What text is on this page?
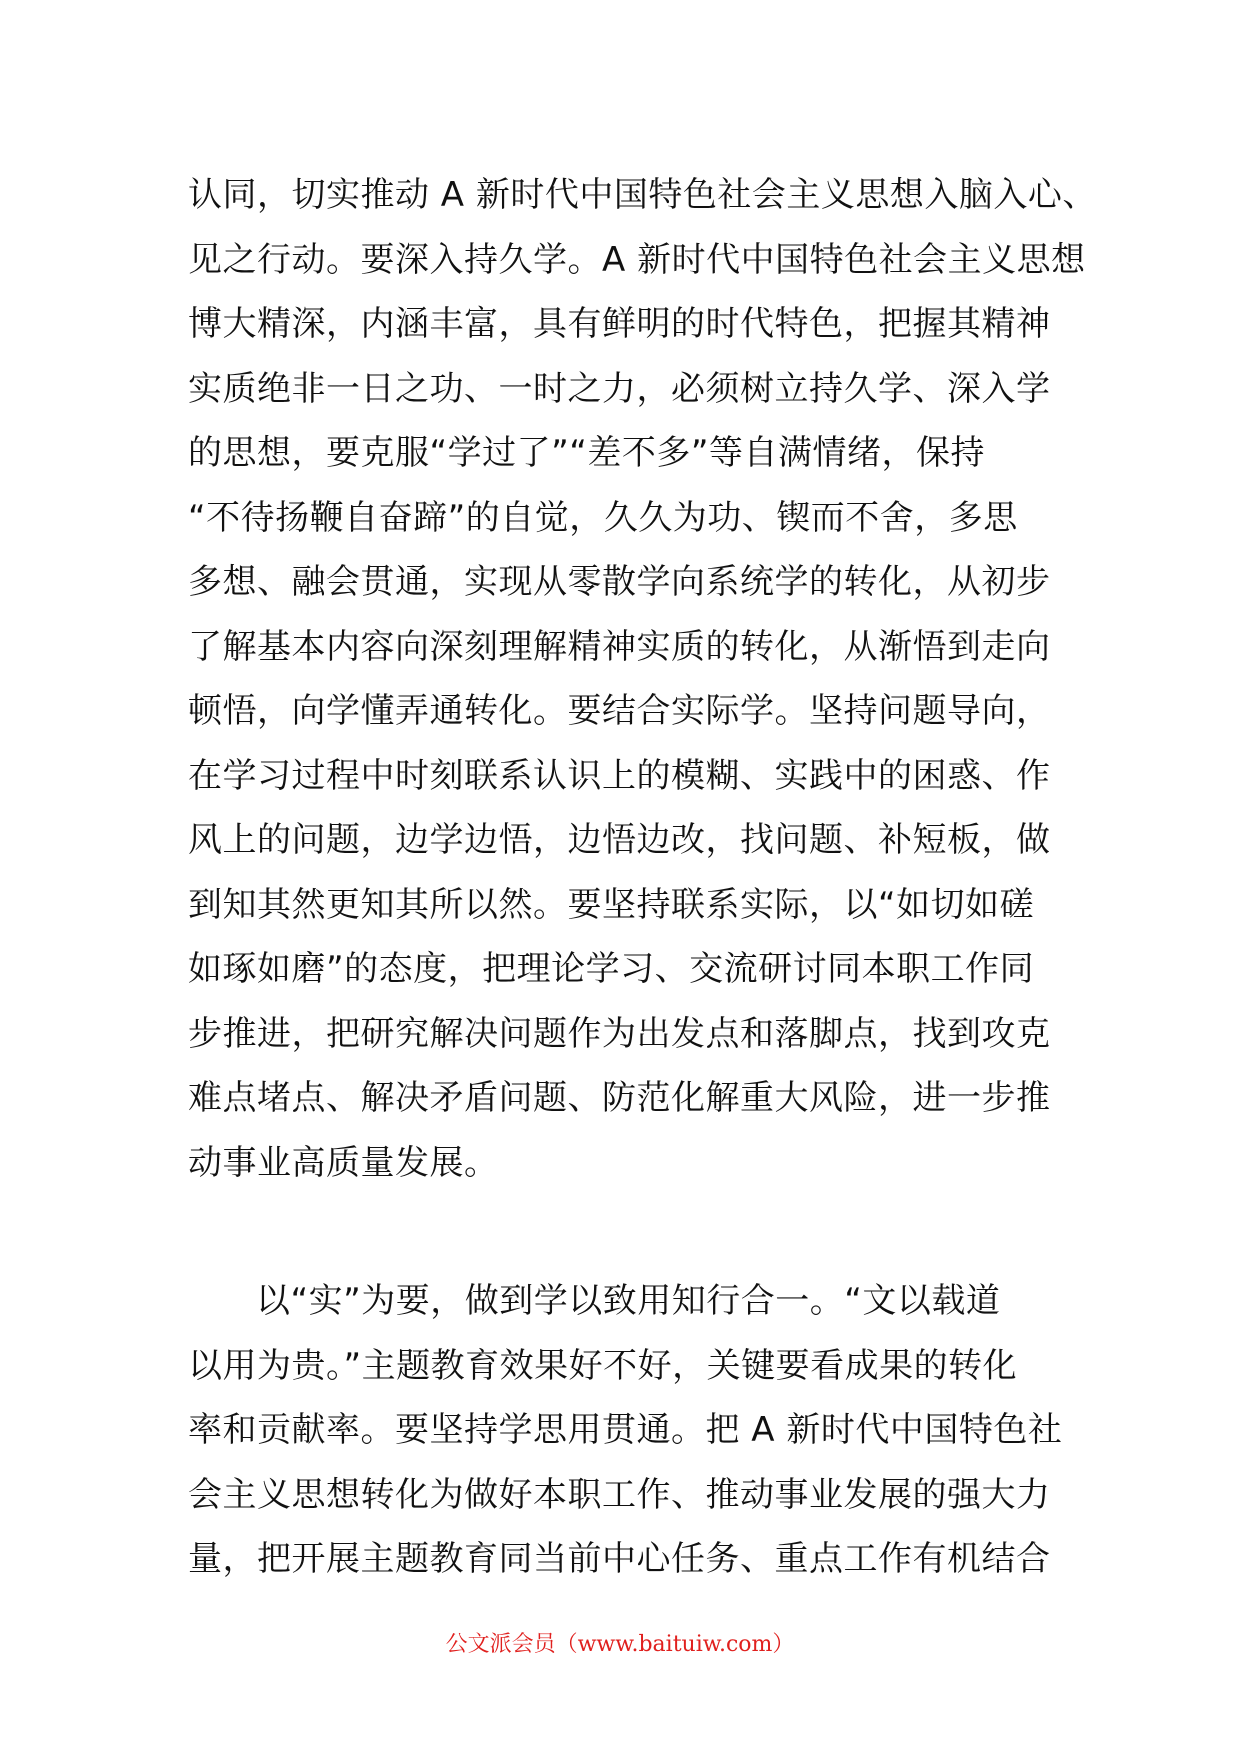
认同，切实推动 A 新时代中国特色社会主义思想入脑入心、
见之行动。要深入持久学。A 新时代中国特色社会主义思想
博大精深，内涵丰富，具有鲜明的时代特色，把握其精神
实质绝非一日之功、一时之力，必须树立持久学、深入学
的思想，要克服“学过了”“差不多”等自满情绪，保持
“不待扬鞭自奋蹄”的自觉，久久为功、锲而不舍，多思
多想、融会贯通，实现从零散学向系统学的转化，从初步
了解基本内容向深刻理解精神实质的转化，从渐悟到走向
顿悟，向学懂弄通转化。要结合实际学。坚持问题导向，
在学习过程中时刻联系认识上的模糊、实践中的困惑、作
风上的问题，边学边悟，边悟边改，找问题、补短板，做
到知其然更知其所以然。要坚持联系实际，以“如切如磋
如琢如磨”的态度，把理论学习、交流研讨同本职工作同
步推进，把研究解决问题作为出发点和落脚点，找到攻克
难点堵点、解决矛盾问题、防范化解重大风险，进一步推
动事业高质量发展。
以“实”为要，做到学以致用知行合一。“文以载道
以用为贵。”主题教育效果好不好，关键要看成果的转化
率和贡献率。要坚持学思用贯通。把 A 新时代中国特色社
会主义思想转化为做好本职工作、推动事业发展的强大力
量，把开展主题教育同当前中心任务、重点工作有机结合
公文派会员（www.baituiw.com）
